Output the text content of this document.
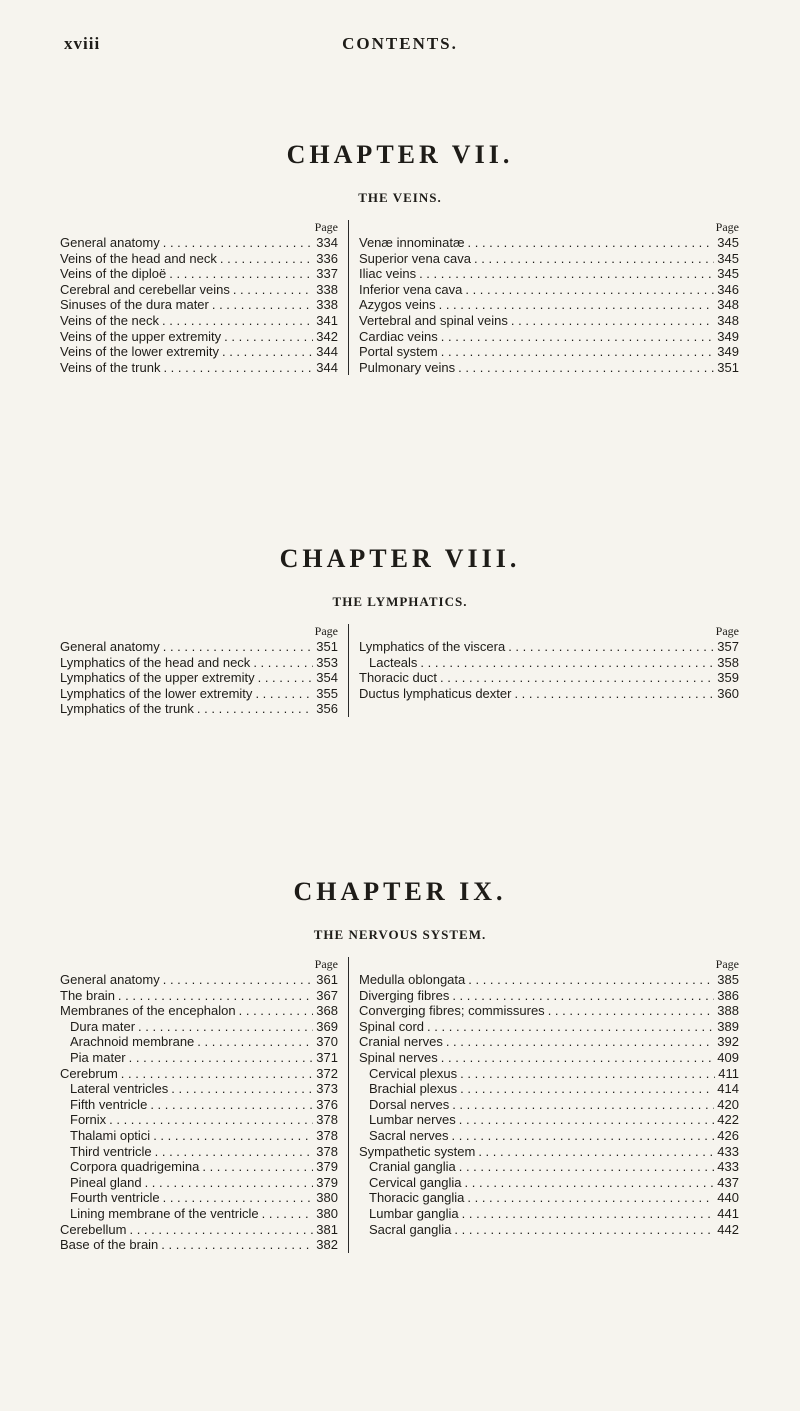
xviii	CONTENTS.
CHAPTER VII.
THE VEINS.
Page
General anatomy . . .	334
Veins of the head and neck . . .	336
Veins of the diploë . . .	337
Cerebral and cerebellar veins . . .	338
Sinuses of the dura mater . . .	338
Veins of the neck . . .	341
Veins of the upper extremity . . .	342
Veins of the lower extremity . . .	344
Veins of the trunk . . .	344
Page
Venæ innominatæ . . .	345
Superior vena cava . . .	345
Iliac veins . . .	345
Inferior vena cava . . .	346
Azygos veins . . .	348
Vertebral and spinal veins . . .	348
Cardiac veins . . .	349
Portal system . . .	349
Pulmonary veins . . .	351
CHAPTER VIII.
THE LYMPHATICS.
Page
General anatomy . . .	351
Lymphatics of the head and neck . . .	353
Lymphatics of the upper extremity . . .	354
Lymphatics of the lower extremity . . .	355
Lymphatics of the trunk . . .	356
Page
Lymphatics of the viscera . . .	357
Lacteals . . .	358
Thoracic duct . . .	359
Ductus lymphaticus dexter . . .	360
CHAPTER IX.
THE NERVOUS SYSTEM.
Page
General anatomy . . .	361
The brain . . .	367
Membranes of the encephalon . . .	368
Dura mater . . .	369
Arachnoid membrane . . .	370
Pia mater . . .	371
Cerebrum . . .	372
Lateral ventricles . . .	373
Fifth ventricle . . .	376
Fornix . . .	378
Thalami optici . . .	378
Third ventricle . . .	378
Corpora quadrigemina . . .	379
Pineal gland . . .	379
Fourth ventricle . . .	380
Lining membrane of the ventricle . . .	380
Cerebellum . . .	381
Base of the brain . . .	382
Page
Medulla oblongata . . .	385
Diverging fibres . . .	386
Converging fibres; commissures . . .	388
Spinal cord . . .	389
Cranial nerves . . .	392
Spinal nerves . . .	409
Cervical plexus . . .	411
Brachial plexus . . .	414
Dorsal nerves . . .	420
Lumbar nerves . . .	422
Sacral nerves . . .	426
Sympathetic system . . .	433
Cranial ganglia . . .	433
Cervical ganglia . . .	437
Thoracic ganglia . . .	440
Lumbar ganglia . . .	441
Sacral ganglia . . .	442
